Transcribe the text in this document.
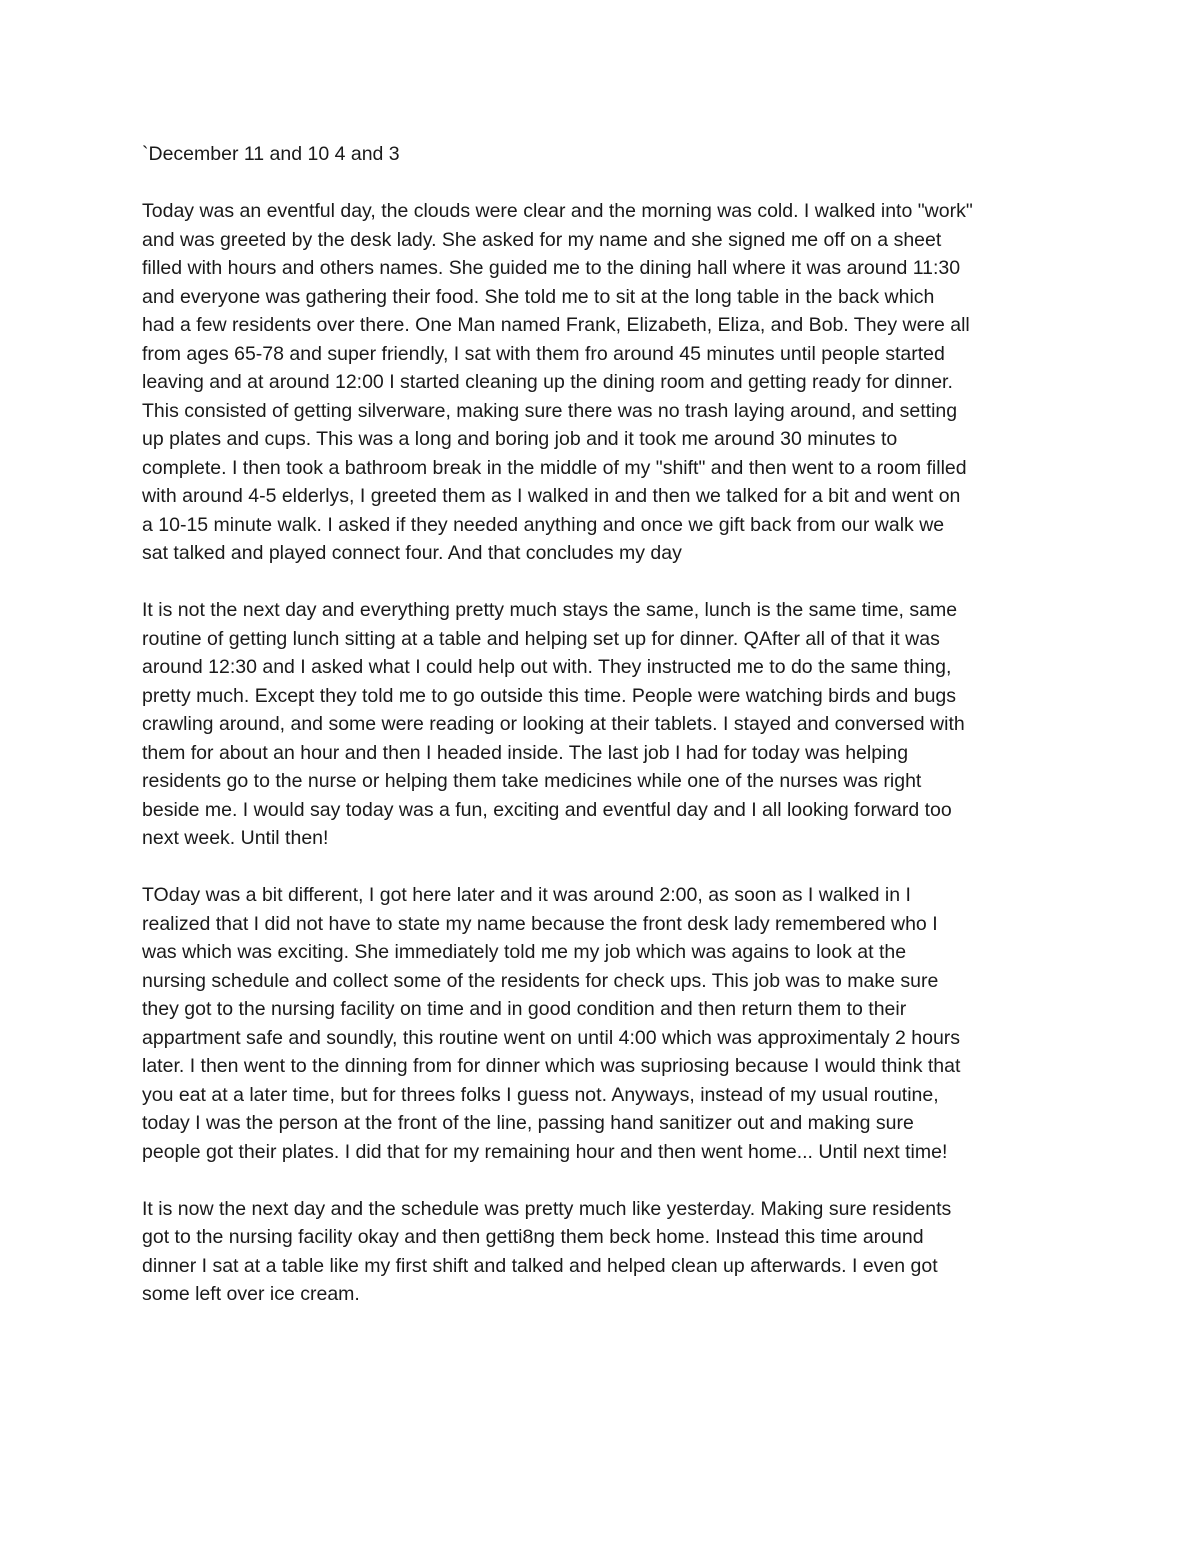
`December 11 and 10 4 and 3

Today was an eventful day, the clouds were clear and the morning was cold. I walked into "work"
and was greeted by the desk lady. She asked for my name and she signed me off on a sheet
filled with hours and others names. She guided me to the dining hall where it was around 11:30
and everyone was gathering their food. She told me to sit at the long table in the back which
had a few residents over there. One Man named Frank, Elizabeth, Eliza, and Bob. They were all
from ages 65-78 and super friendly, I sat with them fro around 45 minutes until people started
leaving and at around 12:00 I started cleaning up the dining room and getting ready for dinner.
This consisted of getting silverware, making sure there was no trash laying around, and setting
up plates and cups. This was a long and boring job and it took me around 30 minutes to
complete. I then took a bathroom break in the middle of my "shift" and then went to a room filled
with around 4-5 elderlys, I greeted them as I walked in and then we talked for a bit and went on
a 10-15 minute walk. I asked if they needed anything and once we gift back from our walk we
sat talked and played connect four. And that concludes my day

It is not the next day and everything pretty much stays the same, lunch is the same time, same
routine of getting lunch sitting at a table and helping set up for dinner. QAfter all of that it was
around 12:30 and I asked what I could help out with. They instructed me to do the same thing,
pretty much. Except they told me to go outside this time. People were watching birds and bugs
crawling around, and some were reading or looking at their tablets. I stayed and conversed with
them for about an hour and then I headed inside. The last job I had for today was helping
residents go to the nurse or helping them take medicines while one of the nurses was right
beside me. I would say today was a fun, exciting and eventful day and I all looking forward too
next week. Until then!

TOday was a bit different, I got here later and it was around 2:00, as soon as I walked in I
realized that I did not have to state my name because the front desk lady remembered who I
was which was exciting. She immediately told me my job which was agains to look at the
nursing schedule and collect some of the residents for check ups. This job was to make sure
they got to the nursing facility on time and in good condition and then return them to their
appartment safe and soundly, this routine went on until 4:00 which was approximentaly 2 hours
later. I then went to the dinning from for dinner which was supriosing because I would think that
you eat at a later time, but for threes folks I guess not. Anyways, instead of my usual routine,
today I was the person at the front of the line, passing hand sanitizer out and making sure
people got their plates. I did that for my remaining hour and then went home... Until next time!

It is now the next day and the schedule was pretty much like yesterday. Making sure residents
got to the nursing facility okay and then getti8ng them beck home. Instead this time around
dinner I sat at a table like my first shift and talked and helped clean up afterwards. I even got
some left over ice cream.
